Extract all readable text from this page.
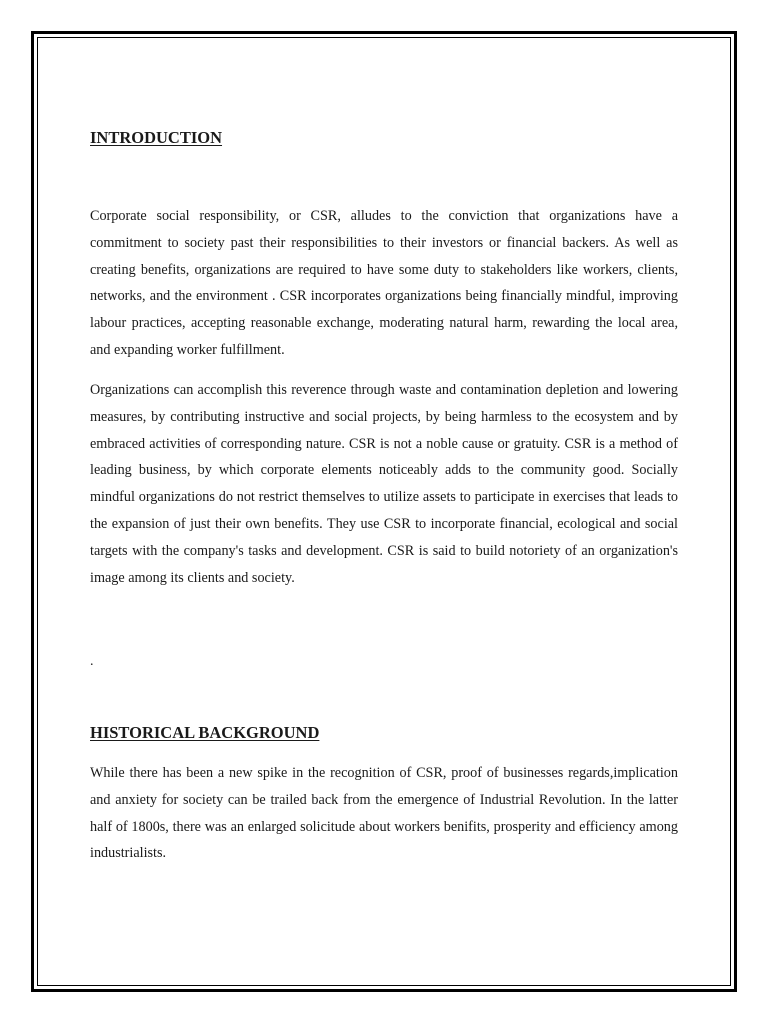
INTRODUCTION

Corporate social responsibility, or CSR, alludes to the conviction that organizations have a commitment to society past their responsibilities to their investors or financial backers. As well as creating benefits, organizations are required to have some duty to stakeholders like workers, clients, networks, and the environment . CSR incorporates organizations being financially mindful, improving labour practices, accepting reasonable exchange, moderating natural harm, rewarding the local area, and expanding worker fulfillment.

Organizations can accomplish this reverence through waste and contamination depletion and lowering measures, by contributing instructive and social projects, by being harmless to the ecosystem and by embraced activities of corresponding nature. CSR is not a noble cause or gratuity. CSR is a method of leading business, by which corporate elements noticeably adds to the community good. Socially mindful organizations do not restrict themselves to utilize assets to participate in exercises that leads to the expansion of just their own benefits. They use CSR to incorporate financial, ecological and social targets with the company's tasks and development. CSR is said to build notoriety of an organization's image among its clients and society.

.
HISTORICAL BACKGROUND

While there has been a new spike in the recognition of CSR, proof of businesses regards,implication and anxiety for society can be trailed back from the emergence of Industrial Revolution. In the latter half of 1800s, there was an enlarged solicitude about workers benifits, prosperity and efficiency among industrialists.
